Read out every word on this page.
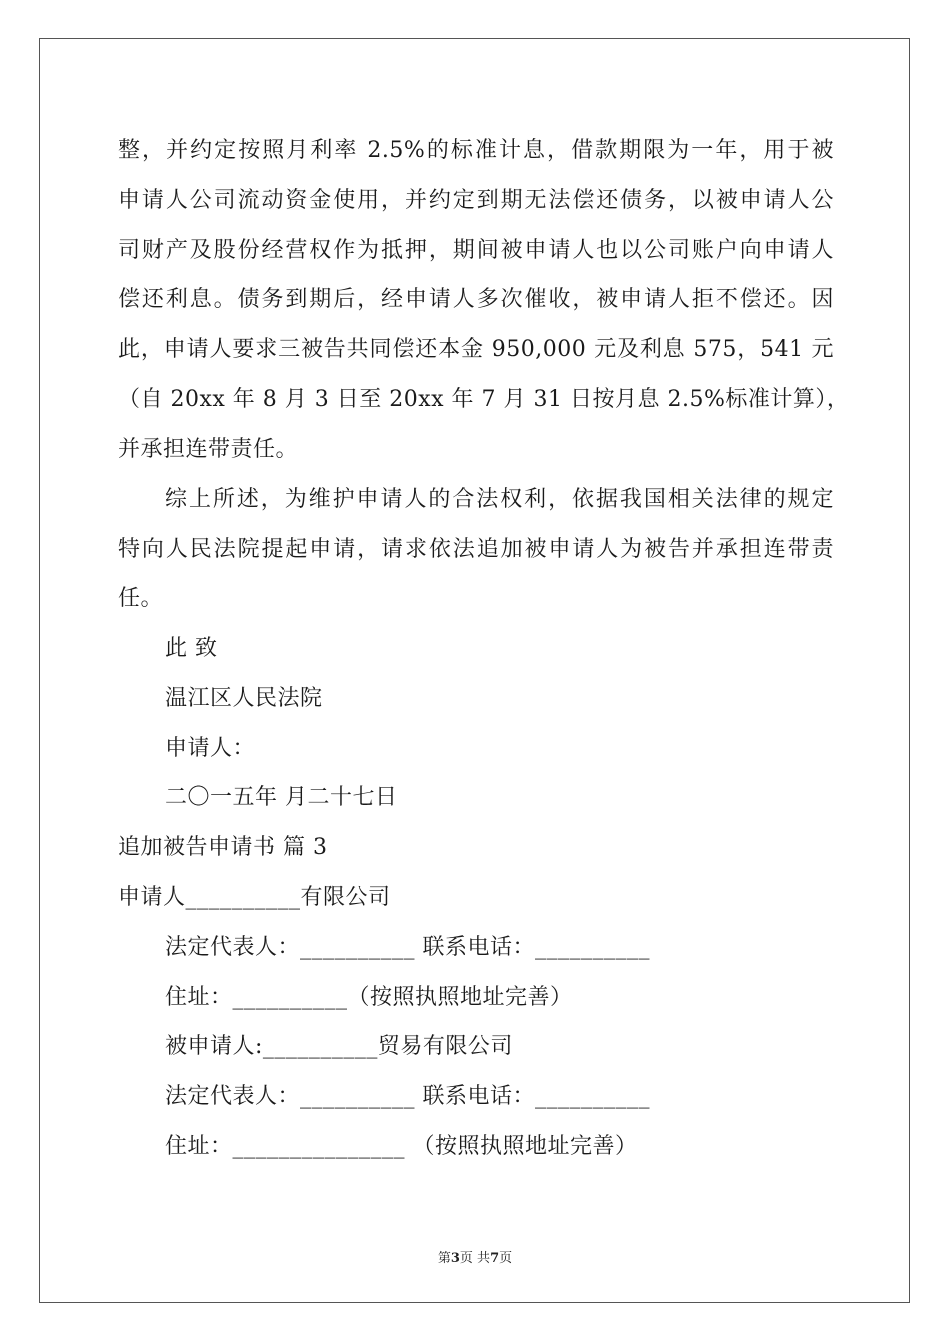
整，并约定按照月利率 2.5%的标准计息，借款期限为一年，用于被
申请人公司流动资金使用，并约定到期无法偿还债务，以被申请人公
司财产及股份经营权作为抵押，期间被申请人也以公司账户向申请人
偿还利息。债务到期后，经申请人多次催收，被申请人拒不偿还。因
此，申请人要求三被告共同偿还本金 950,000 元及利息 575，541 元
（自 20xx 年 8 月 3 日至 20xx 年 7 月 31 日按月息 2.5%标准计算），
并承担连带责任。
综上所述，为维护申请人的合法权利，依据我国相关法律的规定
特向人民法院提起申请，请求依法追加被申请人为被告并承担连带责
任。
此 致
温江区人民法院
申请人：
二〇一五年 月二十七日
追加被告申请书 篇 3
申请人__________有限公司
法定代表人：__________ 联系电话：__________
住址：__________（按照执照地址完善）
被申请人:__________贸易有限公司
法定代表人：__________ 联系电话：__________
住址：_______________ （按照执照地址完善）
第3页 共7页
